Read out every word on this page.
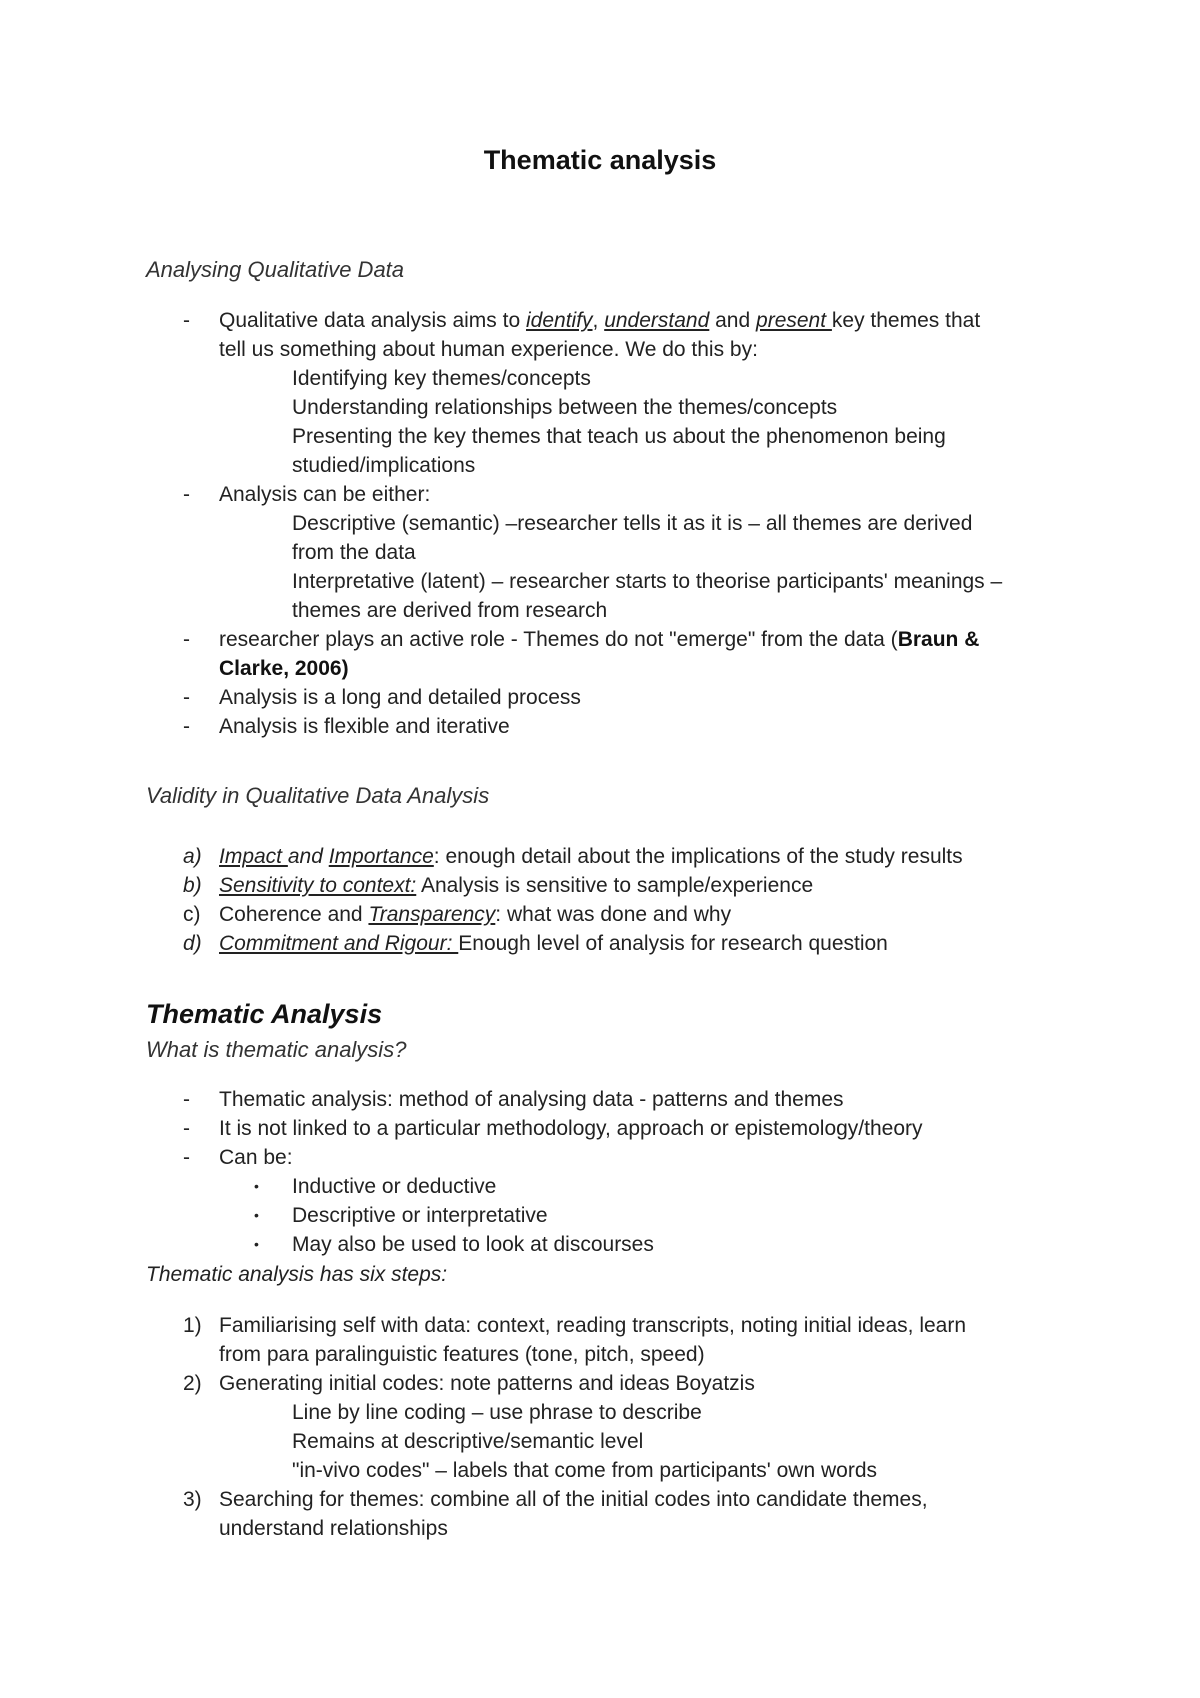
Thematic analysis
Analysing Qualitative Data
- Qualitative data analysis aims to identify, understand and present key themes that
tell us something about human experience. We do this by:
Identifying key themes/concepts
Understanding relationships between the themes/concepts
Presenting the key themes that teach us about the phenomenon being
studied/implications
- Analysis can be either:
Descriptive (semantic) –researcher tells it as it is – all themes are derived
from the data
Interpretative (latent) – researcher starts to theorise participants' meanings –
themes are derived from research
- researcher plays an active role - Themes do not "emerge" from the data (Braun &
Clarke, 2006)
- Analysis is a long and detailed process
- Analysis is flexible and iterative
Validity in Qualitative Data Analysis
a) Impact and Importance: enough detail about the implications of the study results
b) Sensitivity to context: Analysis is sensitive to sample/experience
c) Coherence and Transparency: what was done and why
d) Commitment and Rigour: Enough level of analysis for research question
Thematic Analysis
What is thematic analysis?
- Thematic analysis: method of analysing data - patterns and themes
- It is not linked to a particular methodology, approach or epistemology/theory
- Can be:
• Inductive or deductive
• Descriptive or interpretative
• May also be used to look at discourses
Thematic analysis has six steps:
1) Familiarising self with data: context, reading transcripts, noting initial ideas, learn
from para paralinguistic features (tone, pitch, speed)
2) Generating initial codes: note patterns and ideas Boyatzis
Line by line coding – use phrase to describe
Remains at descriptive/semantic level
"in-vivo codes" – labels that come from participants' own words
3) Searching for themes: combine all of the initial codes into candidate themes,
understand relationships
